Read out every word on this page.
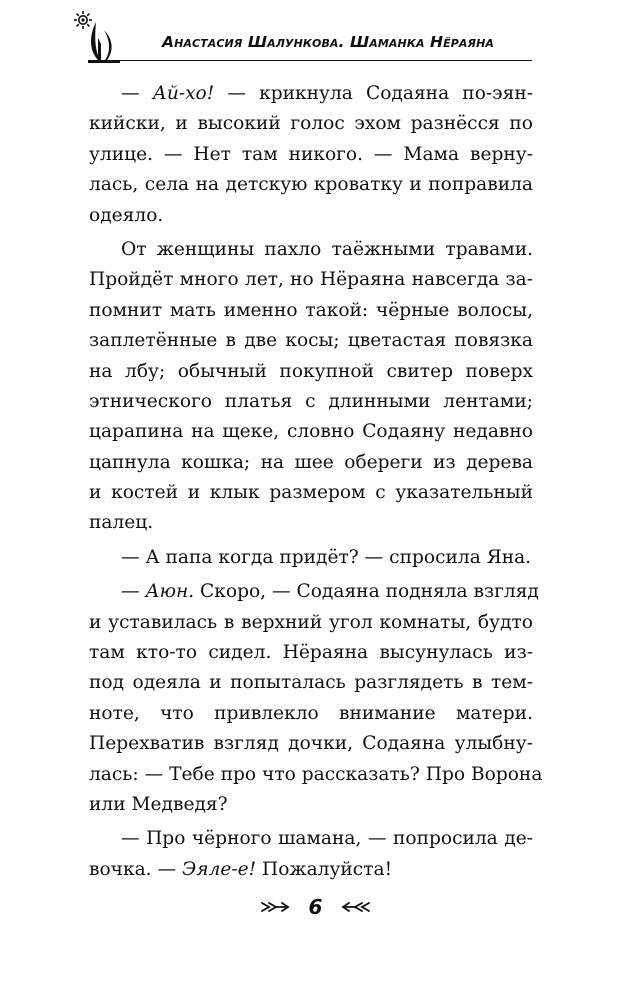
Анастасия Шалункова. Шаманка Нёраяна
— Ай-хо! — крикнула Содаяна по-эян-
кийски, и высокий голос эхом разнёсся по
улице. — Нет там никого. — Мама верну-
лась, села на детскую кроватку и поправила
одеяло.
От женщины пахло таёжными травами.
Пройдёт много лет, но Нёраяна навсегда за-
помнит мать именно такой: чёрные волосы,
заплетённые в две косы; цветастая повязка
на лбу; обычный покупной свитер поверх
этнического платья с длинными лентами;
царапина на щеке, словно Содаяну недавно
цапнула кошка; на шее обереги из дерева
и костей и клык размером с указательный
палец.
— А папа когда придёт? — спросила Яна.
— Аюн. Скоро, — Содаяна подняла взгляд
и уставилась в верхний угол комнаты, будто
там кто-то сидел. Нёраяна высунулась из-
под одеяла и попыталась разглядеть в тем-
ноте, что привлекло внимание матери.
Перехватив взгляд дочки, Содаяна улыбну-
лась: — Тебе про что рассказать? Про Ворона
или Медведя?
— Про чёрного шамана, — попросила де-
вочка. — Эяле-е! Пожалуйста!
6
